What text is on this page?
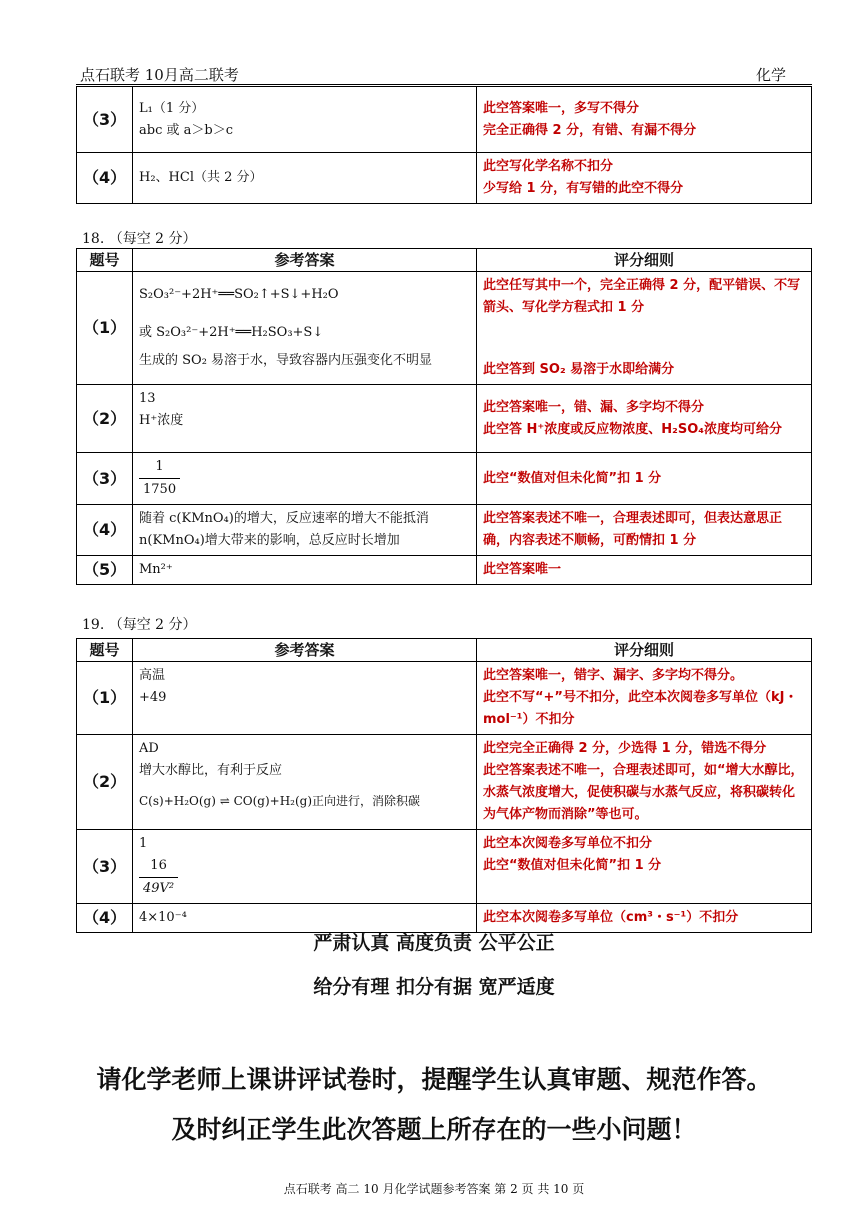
点石联考 10月高二联考	化学
（3）	L₁（1 分）
abc 或 a＞b＞c	此空答案唯一，多写不得分
完全正确得 2 分，有错、有漏不得分

（4）	H₂、HCl（共 2 分）	此空写化学名称不扣分
少写给 1 分，有写错的此空不得分
18. （每空 2 分）
题号	参考答案	评分细则
（1）	S₂O₃²⁻+2H⁺══SO₂↑+S↓+H₂O
或 S₂O₃²⁻+2H⁺══H₂SO₃+S↓
生成的 SO₂ 易溶于水，导致容器内压强变化不明显	此空任写其中一个，完全正确得 2 分，配平错误、不写箭头、写化学方程式扣 1 分
此空答到 SO₂ 易溶于水即给满分

（2）	13
H⁺浓度	此空答案唯一，错、漏、多字均不得分
此空答 H⁺浓度或反应物浓度、H₂SO₄浓度均可给分

（3）	$\frac{1}{1750}$	此空“数值对但未化简”扣 1 分

（4）	随着 c(KMnO₄)的增大，反应速率的增大不能抵消 n(KMnO₄)增大带来的影响，总反应时长增加	此空答案表述不唯一，合理表述即可，但表达意思正确，内容表述不顺畅，可酌情扣 1 分
（5）	Mn²⁺	此空答案唯一
19. （每空 2 分）
题号	参考答案	评分细则
（1）	高温
+49	此空答案唯一，错字、漏字、多字均不得分。
此空不写“+”号不扣分，此空本次阅卷多写单位（kJ・mol⁻¹）不扣分

（2）	AD
增大水醇比，有利于反应
C(s)+H₂O(g) ⇌ CO(g)+H₂(g)正向进行，消除积碳	此空完全正确得 2 分，少选得 1 分，错选不得分
此空答案表述不唯一，合理表述即可，如“增大水醇比，水蒸气浓度增大，促使积碳与水蒸气反应，将积碳转化为气体产物而消除”等也可。

（3）	1
$\frac{16}{\text{49V²}}$	此空本次阅卷多写单位不扣分
此空“数值对但未化简”扣 1 分

（4）	4×10⁻⁴	此空本次阅卷多写单位（cm³・s⁻¹）不扣分
严肃认真 高度负责 公平公正
给分有理 扣分有据 宽严适度
请化学老师上课讲评试卷时，提醒学生认真审题、规范作答。
及时纠正学生此次答题上所存在的一些小问题！
点石联考 高二 10 月化学试题参考答案 第 2 页 共 10 页
